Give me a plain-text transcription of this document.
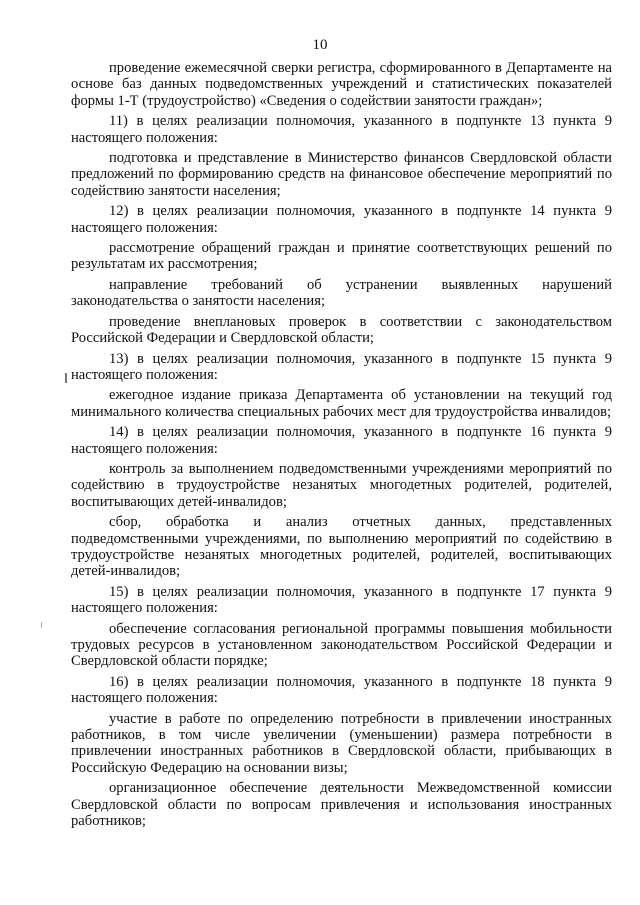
10

проведение ежемесячной сверки регистра, сформированного в Департаменте на основе баз данных подведомственных учреждений и статистических показателей формы 1-Т (трудоустройство) «Сведения о содействии занятости граждан»;

11) в целях реализации полномочия, указанного в подпункте 13 пункта 9 настоящего положения:

подготовка и представление в Министерство финансов Свердловской области предложений по формированию средств на финансовое обеспечение мероприятий по содействию занятости населения;

12) в целях реализации полномочия, указанного в подпункте 14 пункта 9 настоящего положения:

рассмотрение обращений граждан и принятие соответствующих решений по результатам их рассмотрения;

направление требований об устранении выявленных нарушений законодательства о занятости населения;

проведение внеплановых проверок в соответствии с законодательством Российской Федерации и Свердловской области;

13) в целях реализации полномочия, указанного в подпункте 15 пункта 9 настоящего положения:

ежегодное издание приказа Департамента об установлении на текущий год минимального количества специальных рабочих мест для трудоустройства инвалидов;

14) в целях реализации полномочия, указанного в подпункте 16 пункта 9 настоящего положения:

контроль за выполнением подведомственными учреждениями мероприятий по содействию в трудоустройстве незанятых многодетных родителей, родителей, воспитывающих детей-инвалидов;

сбор, обработка и анализ отчетных данных, представленных подведомственными учреждениями, по выполнению мероприятий по содействию в трудоустройстве незанятых многодетных родителей, родителей, воспитывающих детей-инвалидов;

15) в целях реализации полномочия, указанного в подпункте 17 пункта 9 настоящего положения:

обеспечение согласования региональной программы повышения мобильности трудовых ресурсов в установленном законодательством Российской Федерации и Свердловской области порядке;

16) в целях реализации полномочия, указанного в подпункте 18 пункта 9 настоящего положения:

участие в работе по определению потребности в привлечении иностранных работников, в том числе увеличении (уменьшении) размера потребности в привлечении иностранных работников в Свердловской области, прибывающих в Российскую Федерацию на основании визы;

организационное обеспечение деятельности Межведомственной комиссии Свердловской области по вопросам привлечения и использования иностранных работников;
